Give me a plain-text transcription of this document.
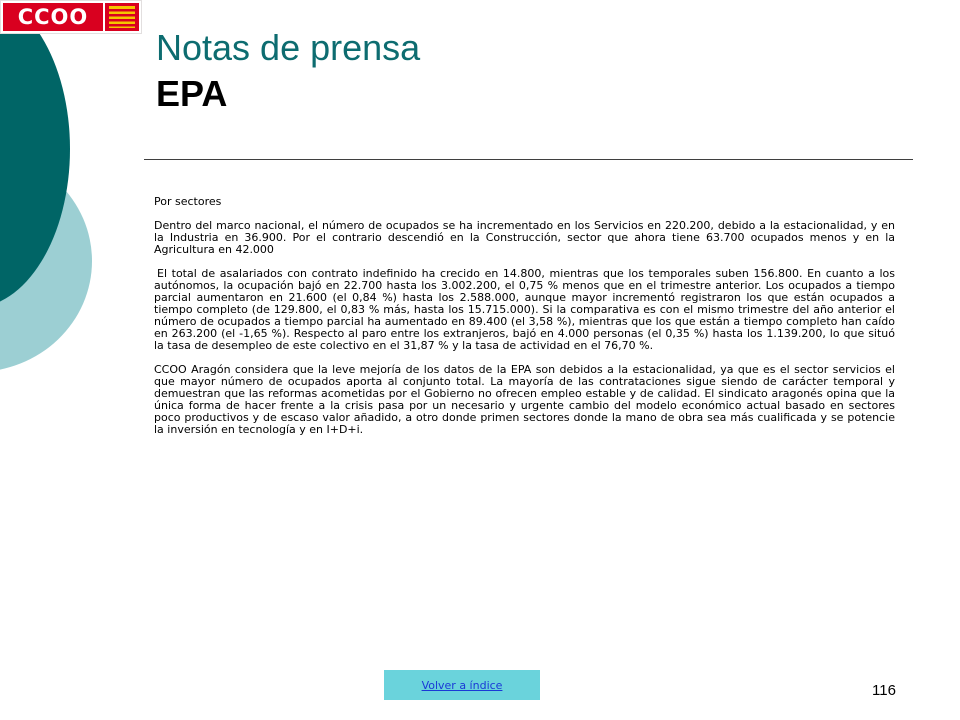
CCOO
Notas de prensa
EPA

Por sectores

Dentro del marco nacional, el número de ocupados se ha incrementado en los Servicios en 220.200, debido a la estacionalidad, y en la Industria en 36.900. Por el contrario descendió en la Construcción, sector que ahora tiene 63.700 ocupados menos y en la Agricultura en 42.000

El total de asalariados con contrato indefinido ha crecido en 14.800, mientras que los temporales suben 156.800. En cuanto a los autónomos, la ocupación bajó en 22.700 hasta los 3.002.200, el 0,75 % menos que en el trimestre anterior. Los ocupados a tiempo parcial aumentaron en 21.600 (el 0,84 %) hasta los 2.588.000, aunque mayor incrementó registraron los que están ocupados a tiempo completo (de 129.800, el 0,83 % más, hasta los 15.715.000). Si la comparativa es con el mismo trimestre del año anterior el número de ocupados a tiempo parcial ha aumentado en 89.400 (el 3,58 %), mientras que los que están a tiempo completo han caído en 263.200 (el -1,65 %). Respecto al paro entre los extranjeros, bajó en 4.000 personas (el 0,35 %) hasta los 1.139.200, lo que situó la tasa de desempleo de este colectivo en el 31,87 % y la tasa de actividad en el 76,70 %.

CCOO Aragón considera que la leve mejoría de los datos de la EPA son debidos a la estacionalidad, ya que es el sector servicios el que mayor número de ocupados aporta al conjunto total. La mayoría de las contrataciones sigue siendo de carácter temporal y demuestran que las reformas acometidas por el Gobierno no ofrecen empleo estable y de calidad. El sindicato aragonés opina que la única forma de hacer frente a la crisis pasa por un necesario y urgente cambio del modelo económico actual basado en sectores poco productivos y de escaso valor añadido, a otro donde primen sectores donde la mano de obra sea más cualificada y se potencie la inversión en tecnología y en I+D+i.

Volver a índice	116
